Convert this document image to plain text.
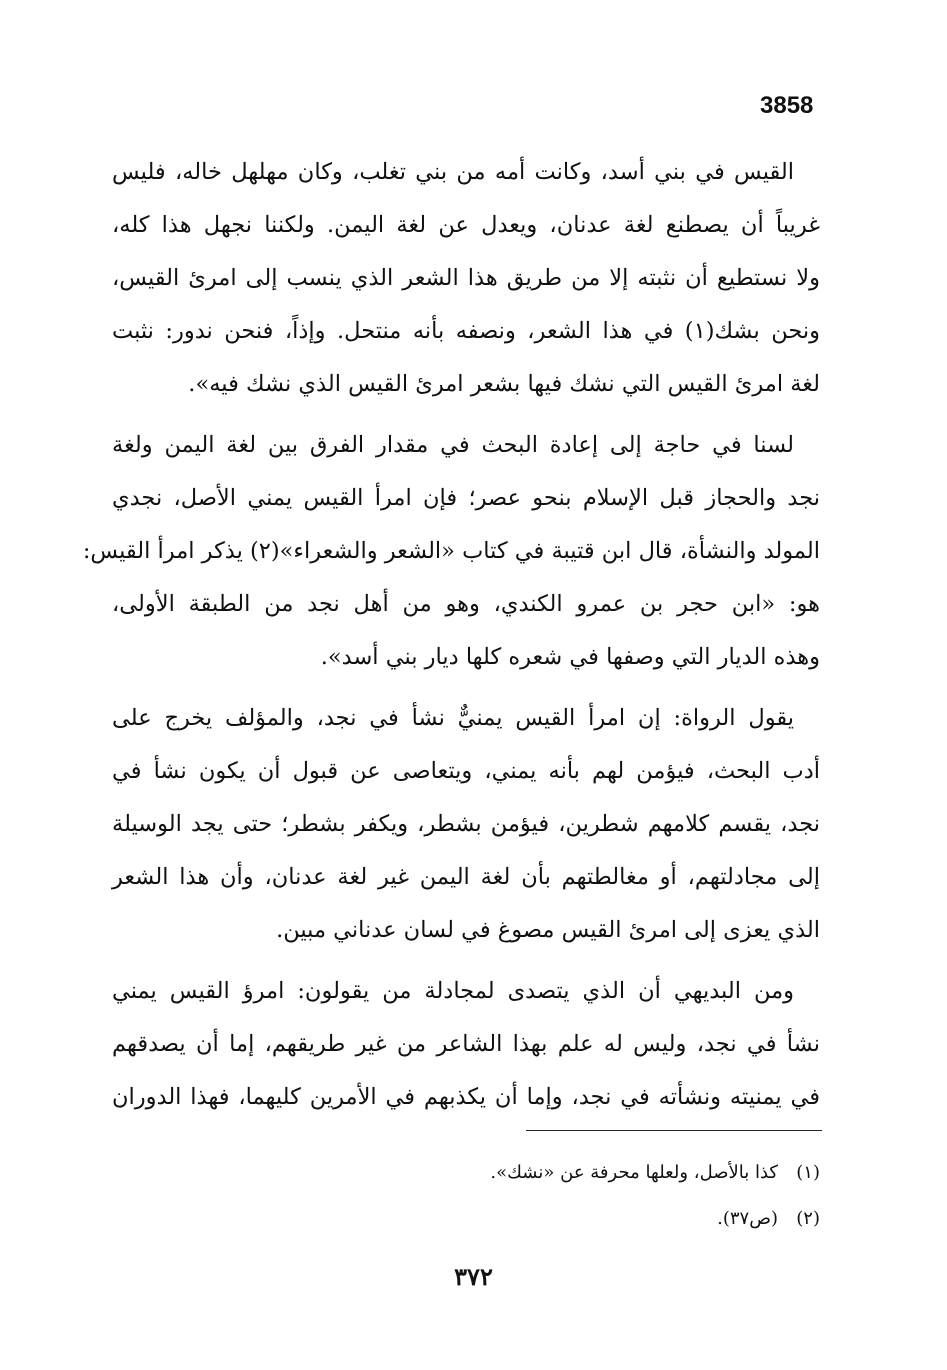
3858
القيس في بني أسد، وكانت أمه من بني تغلب، وكان مهلهل خاله، فليس
غريباً أن يصطنع لغة عدنان، ويعدل عن لغة اليمن. ولكننا نجهل هذا كله،
ولا نستطيع أن نثبته إلا من طريق هذا الشعر الذي ينسب إلى امرئ القيس،
ونحن بشك(١) في هذا الشعر، ونصفه بأنه منتحل. وإذاً، فنحن ندور: نثبت
لغة امرئ القيس التي نشك فيها بشعر امرئ القيس الذي نشك فيه».
لسنا في حاجة إلى إعادة البحث في مقدار الفرق بين لغة اليمن ولغة
نجد والحجاز قبل الإسلام بنحو عصر؛ فإن امرأ القيس يمني الأصل، نجدي
المولد والنشأة، قال ابن قتيبة في كتاب «الشعر والشعراء»(٢) يذكر امرأ القيس:
هو: «ابن حجر بن عمرو الكندي، وهو من أهل نجد من الطبقة الأولى،
وهذه الديار التي وصفها في شعره كلها ديار بني أسد».
يقول الرواة: إن امرأ القيس يمنيٌّ نشأ في نجد، والمؤلف يخرج على
أدب البحث، فيؤمن لهم بأنه يمني، ويتعاصى عن قبول أن يكون نشأ في
نجد، يقسم كلامهم شطرين، فيؤمن بشطر، ويكفر بشطر؛ حتى يجد الوسيلة
إلى مجادلتهم، أو مغالطتهم بأن لغة اليمن غير لغة عدنان، وأن هذا الشعر
الذي يعزى إلى امرئ القيس مصوغ في لسان عدناني مبين.
ومن البديهي أن الذي يتصدى لمجادلة من يقولون: امرؤ القيس يمني
نشأ في نجد، وليس له علم بهذا الشاعر من غير طريقهم، إما أن يصدقهم
في يمنيته ونشأته في نجد، وإما أن يكذبهم في الأمرين كليهما، فهذا الدوران
(١)كذا بالأصل، ولعلها محرفة عن «نشك».
(٢)(ص٣٧).
٣٧٢
